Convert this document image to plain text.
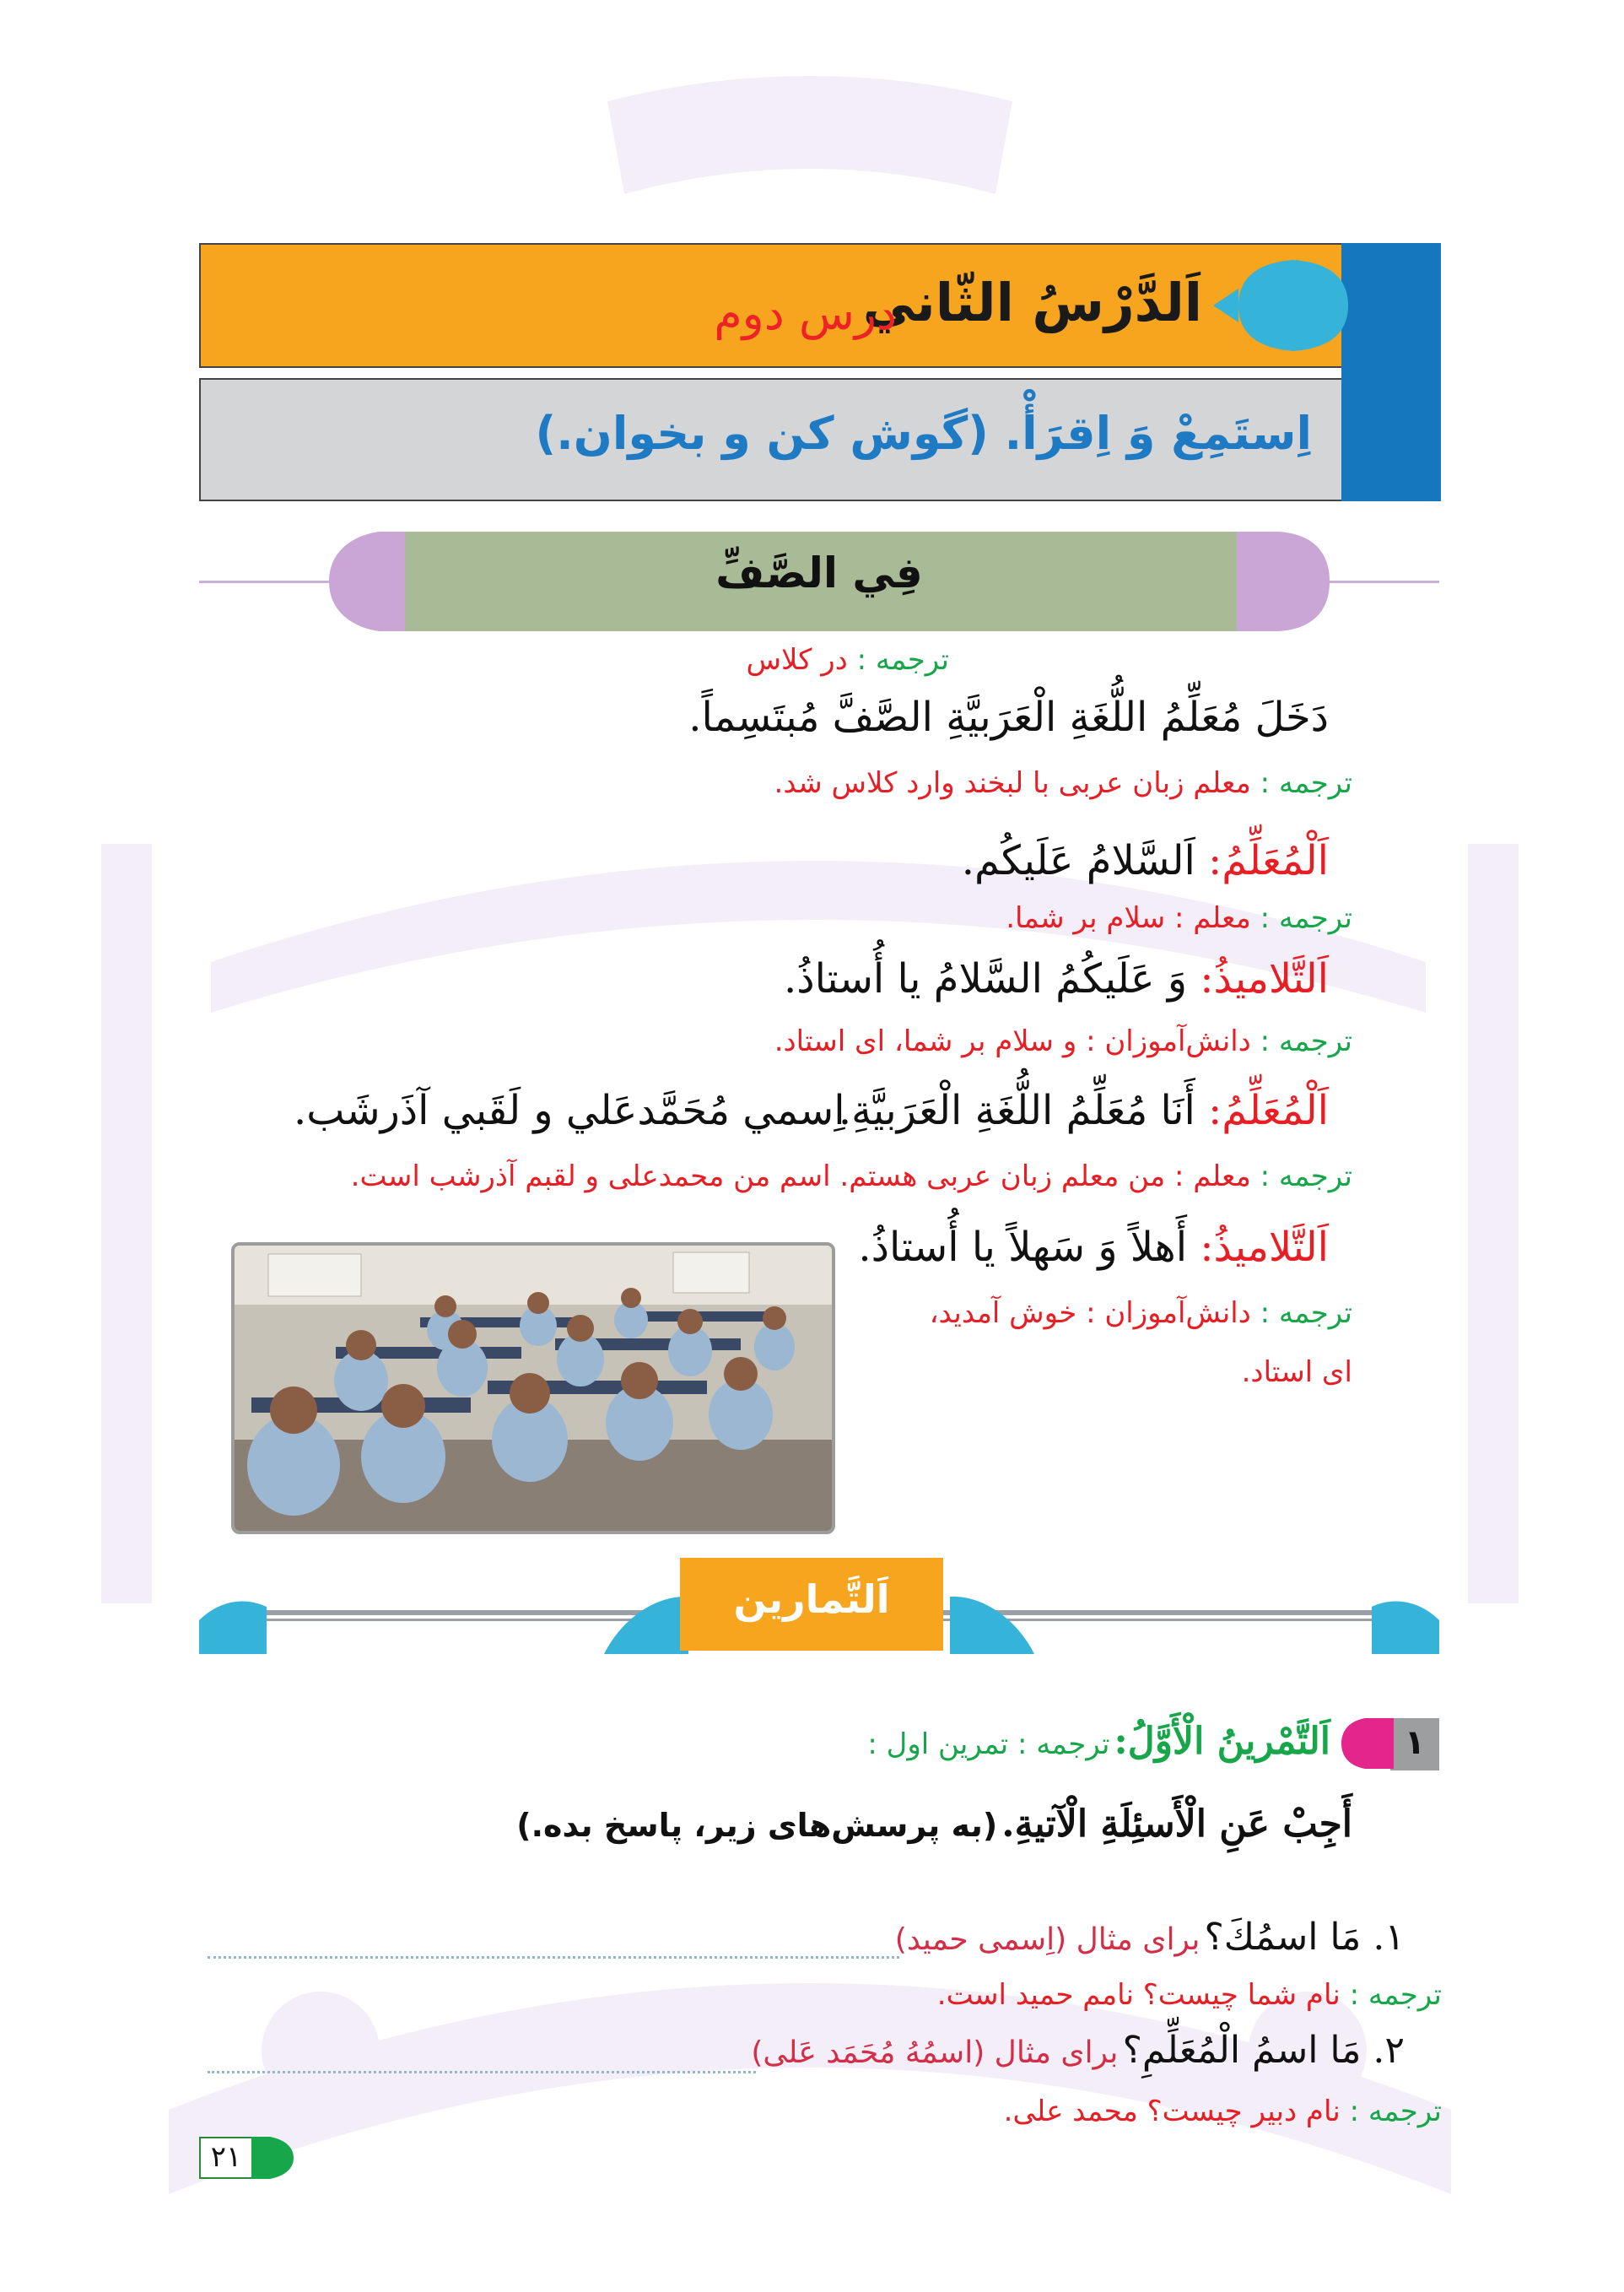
اَلدَّرْسُ الثّاني
درس دوم
اِستَمِعْ وَ اِقرَأْ. (گوش کن و بخوان.)
فِي الصَّفِّ
ترجمه : در کلاس
دَخَلَ مُعَلِّمُ اللُّغَةِ الْعَرَبيَّةِ الصَّفَّ مُبتَسِماً.
ترجمه : معلم زبان عربی با لبخند وارد کلاس شد.
اَلْمُعَلِّمُ: اَلسَّلامُ عَلَيكُم.
ترجمه : معلم : سلام بر شما.
اَلتَّلاميذُ: وَ عَلَيكُمُ السَّلامُ يا أُستاذُ.
ترجمه : دانش‌آموزان : و سلام بر شما، ای استاد.
اَلْمُعَلِّمُ: أَنَا مُعَلِّمُ اللُّغَةِ الْعَرَبيَّةِ.
اِسمي مُحَمَّدعَلي و لَقَبي آذَرشَب.
ترجمه : معلم : من معلم زبان عربی هستم. اسم من محمدعلی و لقبم آذرشب است.
اَلتَّلاميذُ: أَهلاً وَ سَهلاً يا أُستاذُ.
ترجمه : دانش‌آموزان : خوش آمدید،
ای استاد.
اَلتَّمارين
۱
اَلتَّمْرينُ الْأَوَّلُ: ترجمه : تمرین اول :
أَجِبْ عَنِ الْأَسئِلَةِ الْآتيةِ. (به پرسش‌های زیر، پاسخ بده.)
۱. مَا اسمُكَ؟ برای مثال (اِسمی حمید)
ترجمه : نام شما چیست؟ نامم حمید است.
۲. مَا اسمُ الْمُعَلِّمِ؟ برای مثال (اسمُهُ مُحَمَد عَلی)
ترجمه : نام دبیر چیست؟ محمد علی.
۲۱
